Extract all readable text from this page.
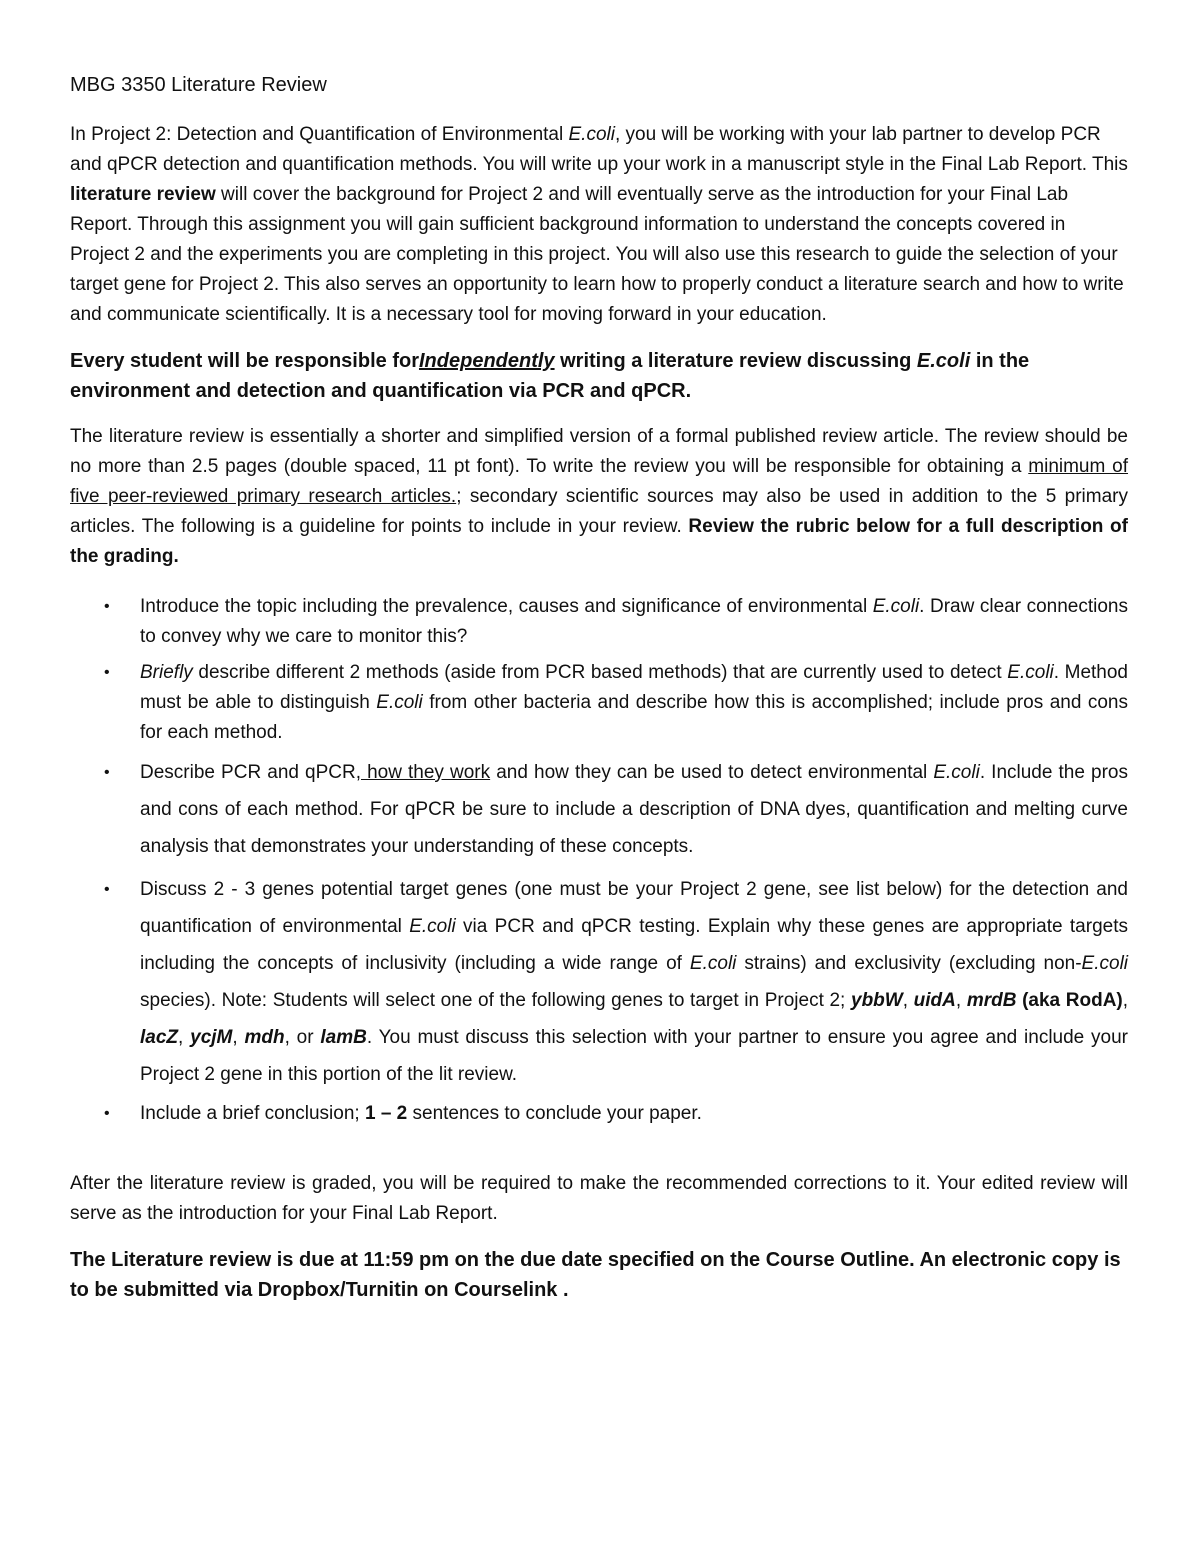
MBG 3350 Literature Review

In Project 2: Detection and Quantification of Environmental E.coli, you will be working with your lab partner to develop PCR and qPCR detection and quantification methods. You will write up your work in a manuscript style in the Final Lab Report. This literature review will cover the background for Project 2 and will eventually serve as the introduction for your Final Lab Report. Through this assignment you will gain sufficient background information to understand the concepts covered in Project 2 and the experiments you are completing in this project. You will also use this research to guide the selection of your target gene for Project 2. This also serves an opportunity to learn how to properly conduct a literature search and how to write and communicate scientifically. It is a necessary tool for moving forward in your education.

Every student will be responsible forIndependently writing a literature review discussing E.coli in the environment and detection and quantification via PCR and qPCR.

The literature review is essentially a shorter and simplified version of a formal published review article. The review should be no more than 2.5 pages (double spaced, 11 pt font). To write the review you will be responsible for obtaining a minimum of five peer-reviewed primary research articles.; secondary scientific sources may also be used in addition to the 5 primary articles. The following is a guideline for points to include in your review. Review the rubric below for a full description of the grading.

• Introduce the topic including the prevalence, causes and significance of environmental E.coli. Draw clear connections to convey why we care to monitor this?
• Briefly describe different 2 methods (aside from PCR based methods) that are currently used to detect E.coli. Method must be able to distinguish E.coli from other bacteria and describe how this is accomplished; include pros and cons for each method.
• Describe PCR and qPCR, how they work and how they can be used to detect environmental E.coli. Include the pros and cons of each method. For qPCR be sure to include a description of DNA dyes, quantification and melting curve analysis that demonstrates your understanding of these concepts.
• Discuss 2 - 3 genes potential target genes (one must be your Project 2 gene, see list below) for the detection and quantification of environmental E.coli via PCR and qPCR testing. Explain why these genes are appropriate targets including the concepts of inclusivity (including a wide range of E.coli strains) and exclusivity (excluding non-E.coli species). Note: Students will select one of the following genes to target in Project 2; ybbW, uidA, mrdB (aka RodA), lacZ, ycjM, mdh, or lamB. You must discuss this selection with your partner to ensure you agree and include your Project 2 gene in this portion of the lit review.
• Include a brief conclusion; 1 – 2 sentences to conclude your paper.

After the literature review is graded, you will be required to make the recommended corrections to it. Your edited review will serve as the introduction for your Final Lab Report.

The Literature review is due at 11:59 pm on the due date specified on the Course Outline. An electronic copy is to be submitted via Dropbox/Turnitin on Courselink .
